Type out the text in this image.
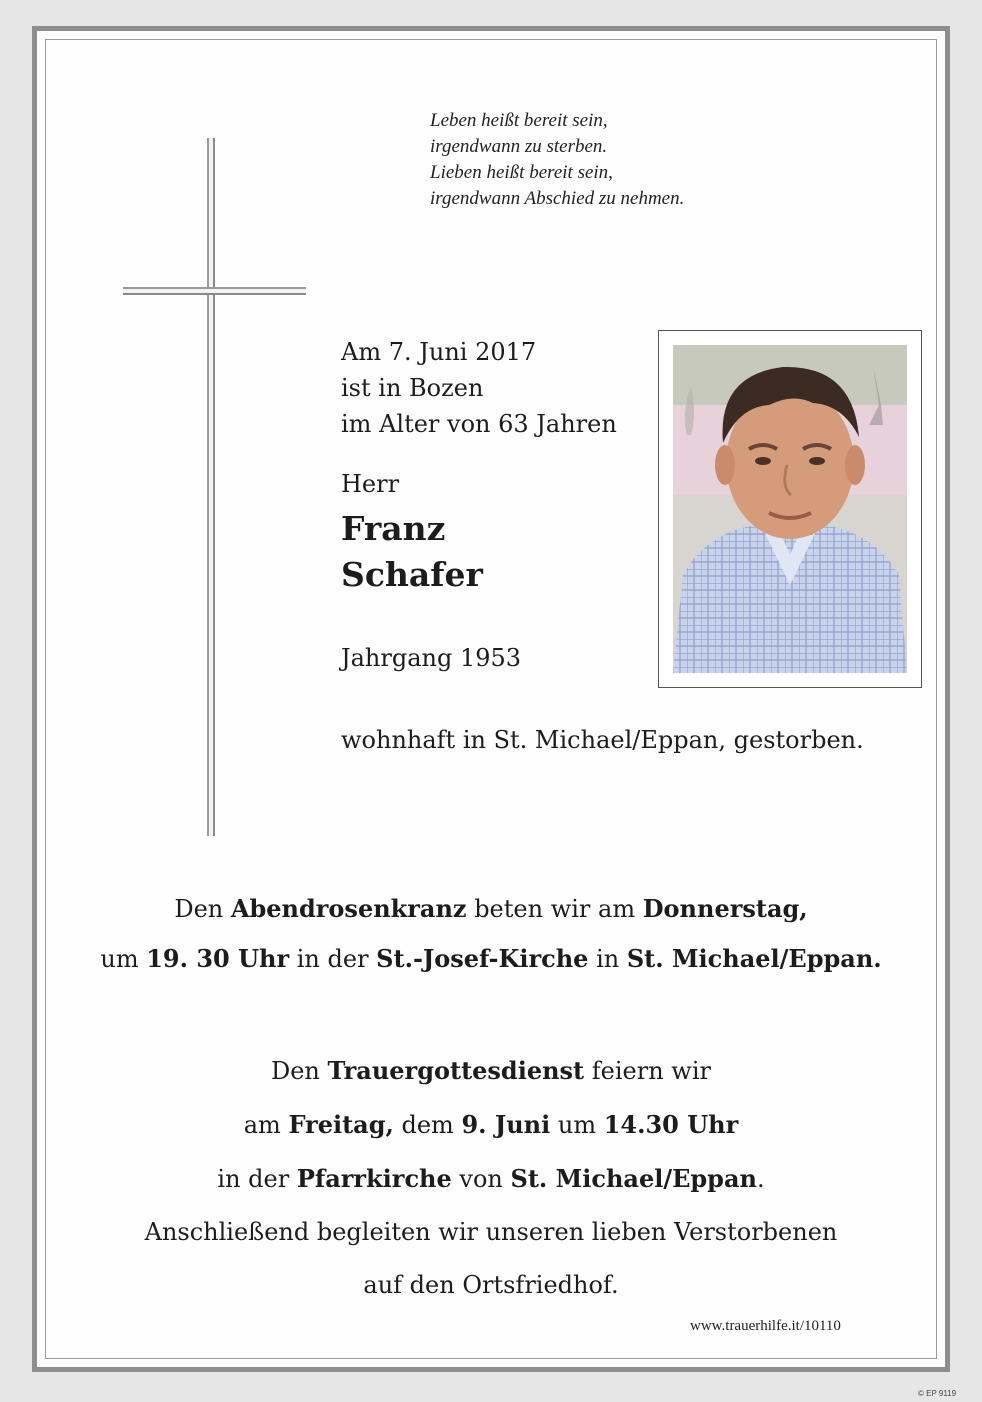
Leben heißt bereit sein,
irgendwann zu sterben.
Lieben heißt bereit sein,
irgendwann Abschied zu nehmen.
Am 7. Juni 2017
ist in Bozen
im Alter von 63 Jahren
Herr
Franz
Schafer
Jahrgang 1953
wohnhaft in St. Michael/Eppan, gestorben.
Den Abendrosenkranz beten wir am Donnerstag,
um 19. 30 Uhr in der St.-Josef-Kirche in St. Michael/Eppan.
Den Trauergottesdienst feiern wir
am Freitag, dem 9. Juni um 14.30 Uhr
in der Pfarrkirche von St. Michael/Eppan.
Anschließend begleiten wir unseren lieben Verstorbenen
auf den Ortsfriedhof.
www.trauerhilfe.it/10110
© EP 9119
